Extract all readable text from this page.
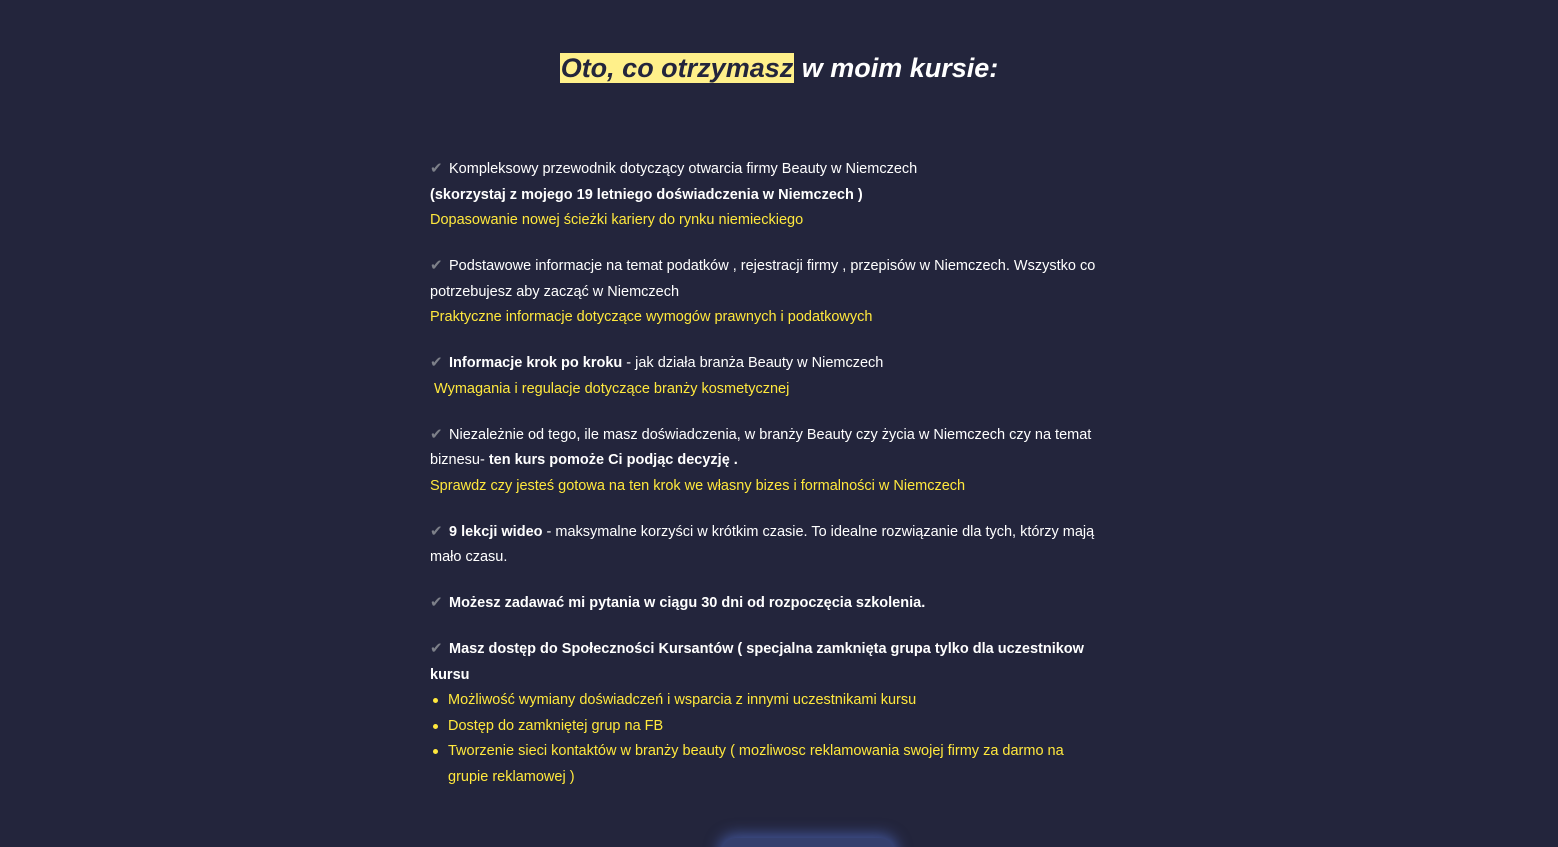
Oto, co otrzymasz w moim kursie:
✔ Kompleksowy przewodnik dotyczący otwarcia firmy Beauty w Niemczech
(skorzystaj z mojego 19 letniego doświadczenia w Niemczech )
Dopasowanie nowej ścieżki kariery do rynku niemieckiego
✔ Podstawowe informacje na temat podatków , rejestracji firmy , przepisów w Niemczech. Wszystko co potrzebujesz aby zacząć w Niemczech
Praktyczne informacje dotyczące wymogów prawnych i podatkowych
✔ Informacje krok po kroku - jak działa branża Beauty w Niemczech
Wymagania i regulacje dotyczące branży kosmetycznej
✔ Niezależnie od tego, ile masz doświadczenia, w branży Beauty czy życia w Niemczech czy na temat biznesu- ten kurs pomoże Ci podjąc decyzję .
Sprawdz czy jesteś gotowa na ten krok we własny bizes i formalności w Niemczech
✔ 9 lekcji wideo - maksymalne korzyści w krótkim czasie. To idealne rozwiązanie dla tych, którzy mają mało czasu.
✔ Możesz zadawać mi pytania w ciągu 30 dni od rozpoczęcia szkolenia.
✔ Masz dostęp do Społeczności Kursantów ( specjalna zamknięta grupa tylko dla uczestnikow kursu
Możliwość wymiany doświadczeń i wsparcia z innymi uczestnikami kursu
Dostęp do zamkniętej grup na FB
Tworzenie sieci kontaktów w branży beauty ( mozliwosc reklamowania swojej firmy za darmo na grupie reklamowej )
